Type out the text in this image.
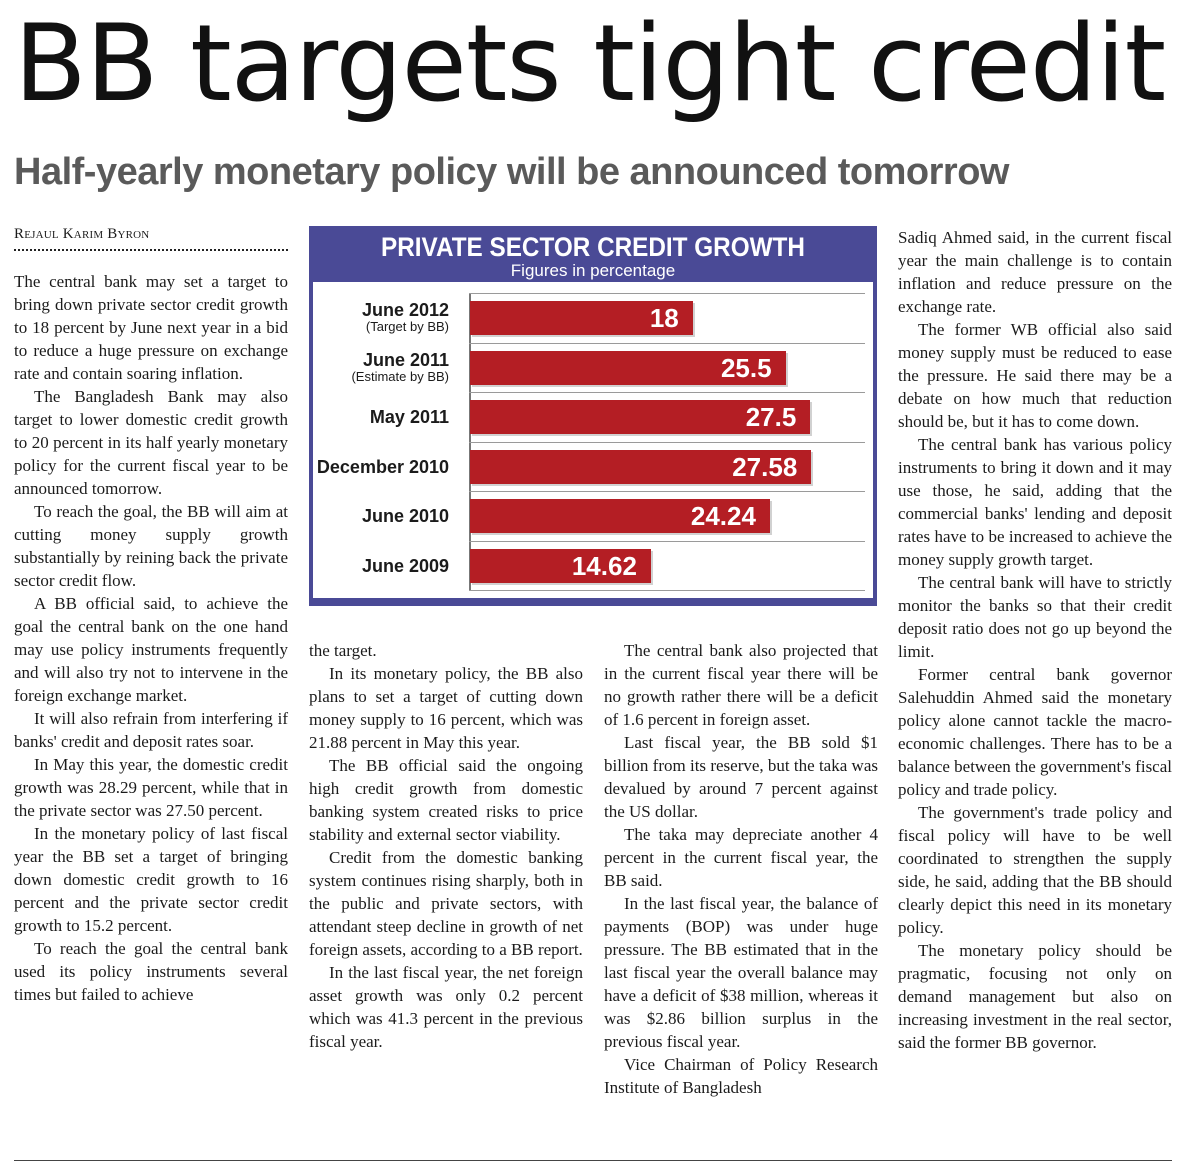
BB targets tight credit
Half-yearly monetary policy will be announced tomorrow
Rejaul Karim Byron

The central bank may set a target to bring down private sector credit growth to 18 percent by June next year in a bid to reduce a huge pressure on exchange rate and contain soaring inflation.

The Bangladesh Bank may also target to lower domestic credit growth to 20 percent in its half yearly monetary policy for the current fiscal year to be announced tomorrow.

To reach the goal, the BB will aim at cutting money supply growth substantially by reining back the private sector credit flow.

A BB official said, to achieve the goal the central bank on the one hand may use policy instruments frequently and will also try not to intervene in the foreign exchange market.

It will also refrain from interfering if banks' credit and deposit rates soar.

In May this year, the domestic credit growth was 28.29 percent, while that in the private sector was 27.50 percent.

In the monetary policy of last fiscal year the BB set a target of bringing down domestic credit growth to 16 percent and the private sector credit growth to 15.2 percent.

To reach the goal the central bank used its policy instruments several times but failed to achieve

PRIVATE SECTOR CREDIT GROWTH
Figures in percentage
June 2012
(Target by BB)	18
June 2011
(Estimate by BB)	25.5
May 2011	27.5
December 2010	27.58
June 2010	24.24
June 2009	14.62

the target.

In its monetary policy, the BB also plans to set a target of cutting down money supply to 16 percent, which was 21.88 percent in May this year.

The BB official said the ongoing high credit growth from domestic banking system created risks to price stability and external sector viability.

Credit from the domestic banking system continues rising sharply, both in the public and private sectors, with attendant steep decline in growth of net foreign assets, according to a BB report.

In the last fiscal year, the net foreign asset growth was only 0.2 percent which was 41.3 percent in the previous fiscal year.

The central bank also projected that in the current fiscal year there will be no growth rather there will be a deficit of 1.6 percent in foreign asset.

Last fiscal year, the BB sold $1 billion from its reserve, but the taka was devalued by around 7 percent against the US dollar.

The taka may depreciate another 4 percent in the current fiscal year, the BB said.

In the last fiscal year, the balance of payments (BOP) was under huge pressure. The BB estimated that in the last fiscal year the overall balance may have a deficit of $38 million, whereas it was $2.86 billion surplus in the previous fiscal year.

Vice Chairman of Policy Research Institute of Bangladesh

Sadiq Ahmed said, in the current fiscal year the main challenge is to contain inflation and reduce pressure on the exchange rate.

The former WB official also said money supply must be reduced to ease the pressure. He said there may be a debate on how much that reduction should be, but it has to come down.

The central bank has various policy instruments to bring it down and it may use those, he said, adding that the commercial banks' lending and deposit rates have to be increased to achieve the money supply growth target.

The central bank will have to strictly monitor the banks so that their credit deposit ratio does not go up beyond the limit.

Former central bank governor Salehuddin Ahmed said the monetary policy alone cannot tackle the macro-economic challenges. There has to be a balance between the government's fiscal policy and trade policy.

The government's trade policy and fiscal policy will have to be well coordinated to strengthen the supply side, he said, adding that the BB should clearly depict this need in its monetary policy.

The monetary policy should be pragmatic, focusing not only on demand management but also on increasing investment in the real sector, said the former BB governor.
